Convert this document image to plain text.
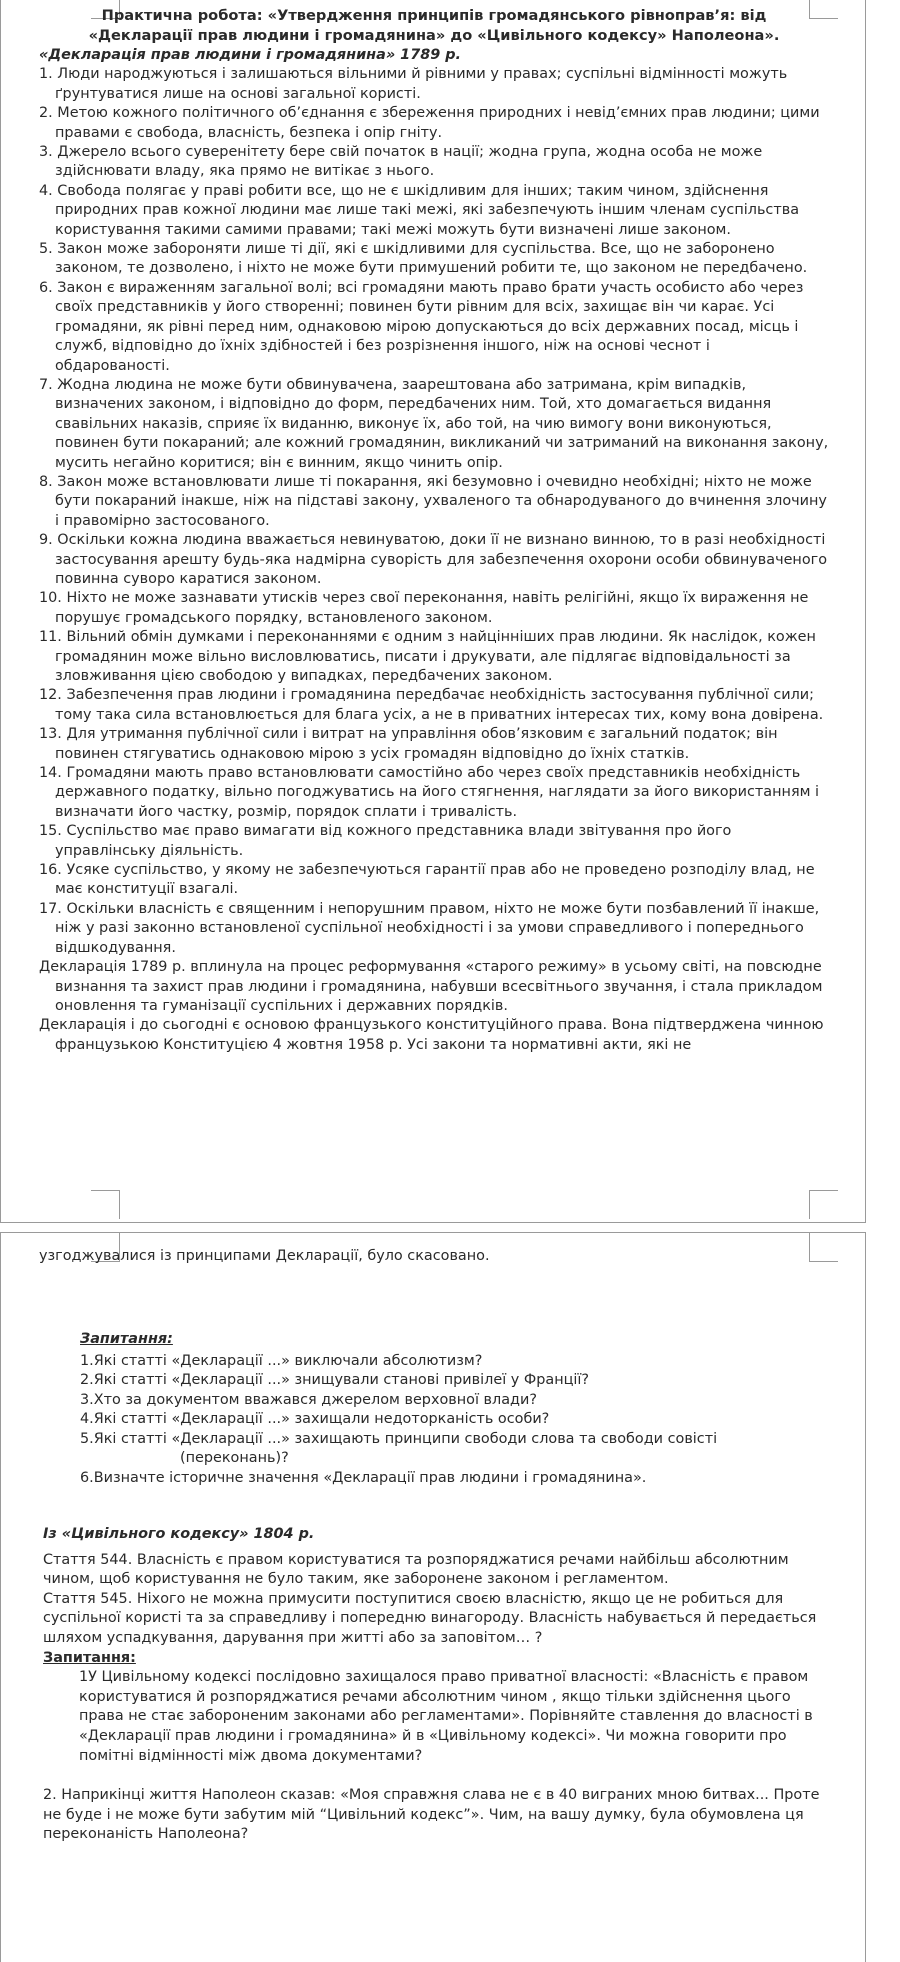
Практична робота: «Утвердження принципів громадянського рівноправ’я: від

«Декларації прав людини і громадянина» до «Цивільного кодексу» Наполеона».

«Декларація прав людини і громадянина» 1789 р.

1. Люди народжуються і залишаються вільними й рівними у правах; суспільні відмінності можуть ґрунтуватися лише на основі загальної користі.

2. Метою кожного політичного об’єднання є збереження природних і невід’ємних прав людини; цими правами є свобода, власність, безпека і опір гніту.

3. Джерело всього суверенітету бере свій початок в нації; жодна група, жодна особа не може здійснювати владу, яка прямо не витікає з нього.

4. Свобода полягає у праві робити все, що не є шкідливим для інших; таким чином, здійснення природних прав кожної людини має лише такі межі, які забезпечують іншим членам суспільства користування такими самими правами; такі межі можуть бути визначені лише законом.

5. Закон може забороняти лише ті дії, які є шкідливими для суспільства. Все, що не заборонено законом, те дозволено, і ніхто не може бути примушений робити те, що законом не передбачено.

6. Закон є вираженням загальної волі; всі громадяни мають право брати участь особисто або через своїх представників у його створенні; повинен бути рівним для всіх, захищає він чи карає. Усі громадяни, як рівні перед ним, однаковою мірою допускаються до всіх державних посад, місць і служб, відповідно до їхніх здібностей і без розрізнення іншого, ніж на основі чеснот і обдарованості.

7. Жодна людина не може бути обвинувачена, заарештована або затримана, крім випадків, визначених законом, і відповідно до форм, передбачених ним. Той, хто домагається видання свавільних наказів, сприяє їх виданню, виконує їх, або той, на чию вимогу вони виконуються, повинен бути покараний; але кожний громадянин, викликаний чи затриманий на виконання закону, мусить негайно коритися; він є винним, якщо чинить опір.

8. Закон може встановлювати лише ті покарання, які безумовно і очевидно необхідні; ніхто не може бути покараний інакше, ніж на підставі закону, ухваленого та обнародуваного до вчинення злочину і правомірно застосованого.

9. Оскільки кожна людина вважається невинуватою, доки її не визнано винною, то в разі необхідності застосування арешту будь-яка надмірна суворість для забезпечення охорони особи обвинуваченого повинна суворо каратися законом.

10. Ніхто не може зазнавати утисків через свої переконання, навіть релігійні, якщо їх вираження не порушує громадського порядку, встановленого законом.

11. Вільний обмін думками і переконаннями є одним з найцінніших прав людини. Як наслідок, кожен громадянин може вільно висловлюватись, писати і друкувати, але підлягає відповідальності за зловживання цією свободою у випадках, передбачених законом.

12. Забезпечення прав людини і громадянина передбачає необхідність застосування публічної сили; тому така сила встановлюється для блага усіх, а не в приватних інтересах тих, кому вона довірена.

13. Для утримання публічної сили і витрат на управління обов’язковим є загальний податок; він повинен стягуватись однаковою мірою з усіх громадян відповідно до їхніх статків.

14. Громадяни мають право встановлювати самостійно або через своїх представників необхідність державного податку, вільно погоджуватись на його стягнення, наглядати за його використанням і визначати його частку, розмір, порядок сплати і тривалість.

15. Суспільство має право вимагати від кожного представника влади звітування про його управлінську діяльність.

16. Усяке суспільство, у якому не забезпечуються гарантії прав або не проведено розподілу влад, не має конституції взагалі.

17. Оскільки власність є священним і непорушним правом, ніхто не може бути позбавлений її інакше, ніж у разі законно встановленої суспільної необхідності і за умови справедливого і попереднього відшкодування.

Декларація 1789 р. вплинула на процес реформування «старого режиму» в усьому світі, на повсюдне визнання та захист прав людини і громадянина, набувши всесвітнього звучання, і стала прикладом оновлення та гуманізації суспільних і державних порядків.

Декларація і до сьогодні є основою французького конституційного права. Вона підтверджена чинною французькою Конституцією 4 жовтня 1958 р. Усі закони та нормативні акти, які не

узгоджувалися із принципами Декларації, було скасовано.

Запитання:

1.Які статті «Декларації ...» виключали абсолютизм?

2.Які статті «Декларації ...» знищували станові привілеї у Франції?

3.Хто за документом вважався джерелом верховної влади?

4.Які статті «Декларації ...» захищали недоторканість особи?

5.Які статті «Декларації ...» захищають принципи свободи слова та свободи совісті

(переконань)?

6.Визначте історичне значення «Декларації прав людини і громадянина».

Із «Цивільного кодексу» 1804 р.

Стаття 544. Власність є правом користуватися та розпоряджатися речами найбільш абсолютним чином, щоб користування не було таким, яке заборонене законом і регламентом.

Стаття 545. Ніхого не можна примусити поступитися своєю власністю, якщо це не робиться для суспільної користі та за справедливу і попередню винагороду. Власність набувається й передається шляхом успадкування, дарування при житті або за заповітом… ?

Запитання:

1У Цивільному кодексі послідовно захищалося право приватної власності: «Власність є правом користуватися й розпоряджатися речами абсолютним чином , якщо тільки здійснення цього права не стає забороненим законами або регламентами». Порівняйте ставлення до власності в «Декларації прав людини і громадянина» й в «Цивільному кодексі». Чи можна говорити про помітні відмінності між двома документами?

2. Наприкінці життя Наполеон сказав: «Моя справжня слава не є в 40 виграних мною битвах... Проте не буде і не може бути забутим мій “Цивільний кодекс”». Чим, на вашу думку, була обумовлена ця переконаність Наполеона?
